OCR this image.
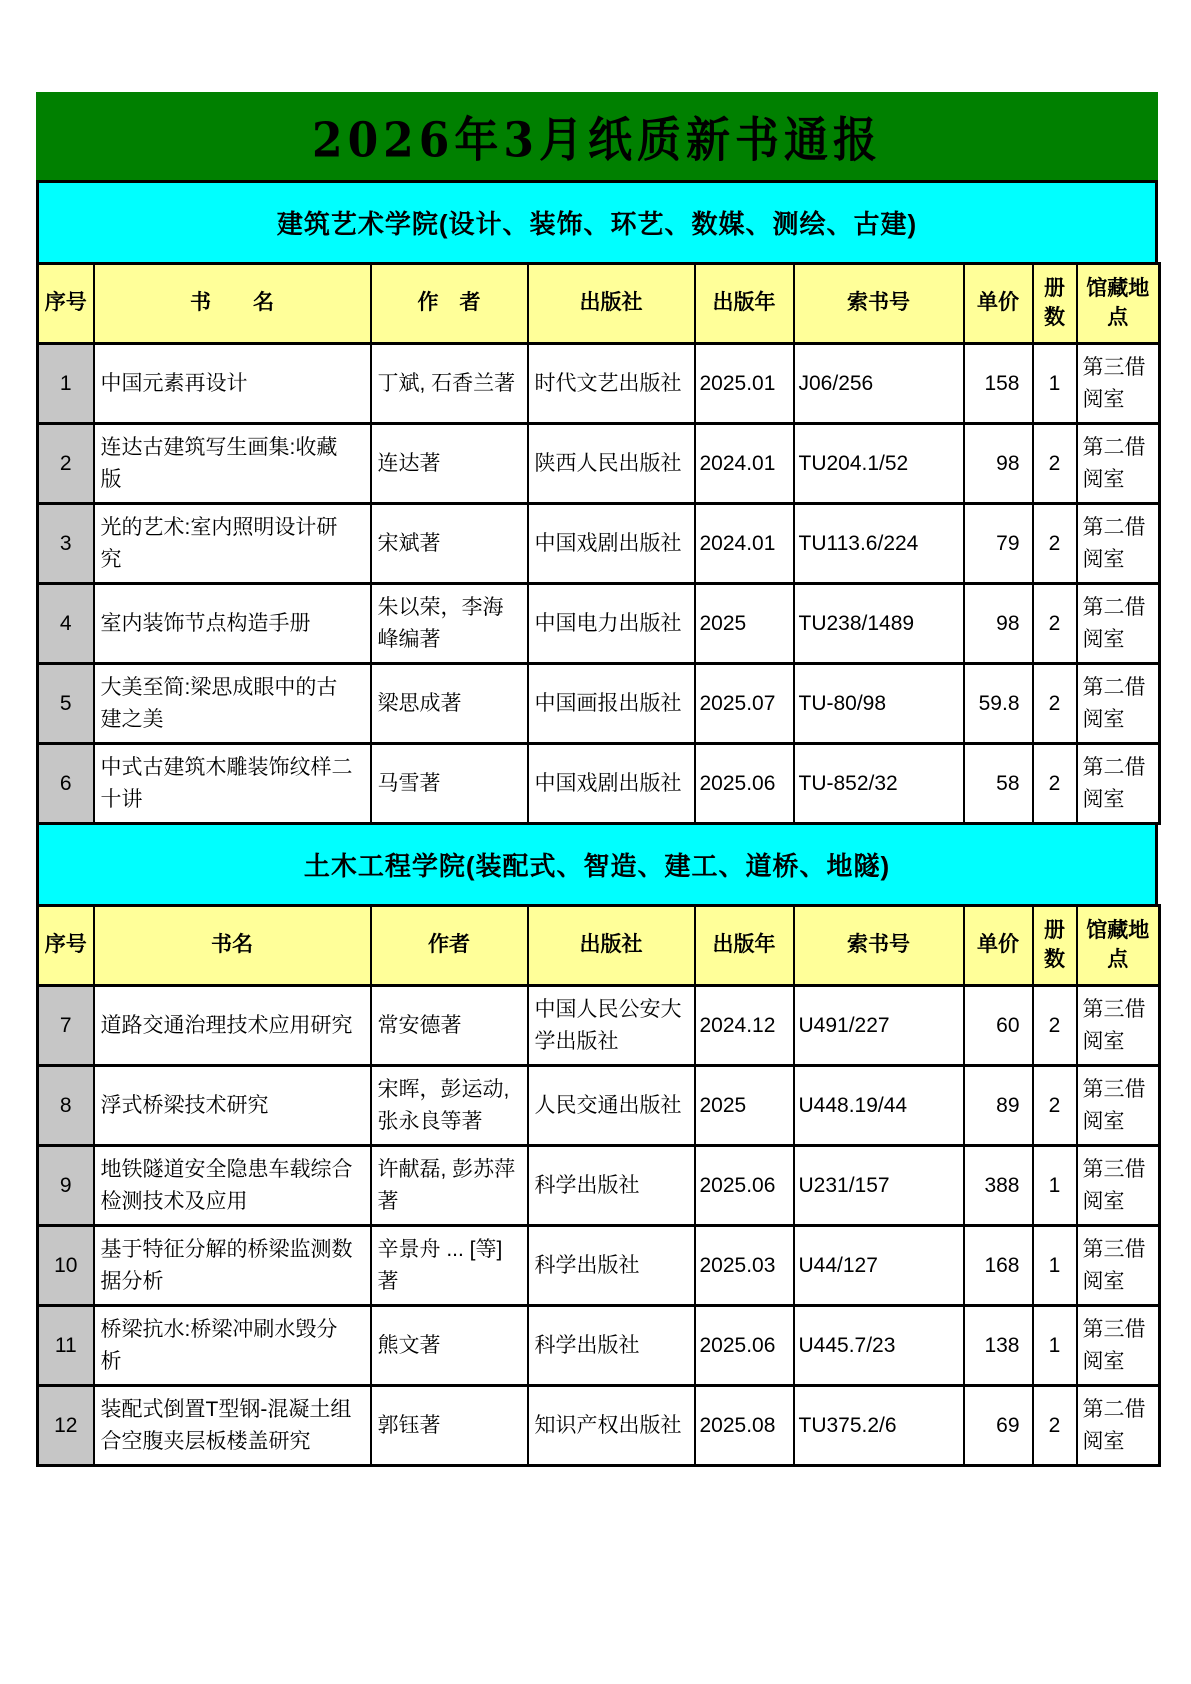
2026年3月纸质新书通报
建筑艺术学院(设计、装饰、环艺、数媒、测绘、古建)
序号	书　　名	作　者	出版社	出版年	索书号	单价	册数	馆藏地点
1	中国元素再设计	丁斌, 石香兰著	时代文艺出版社	2025.01	J06/256	158	1	第三借阅室
2	连达古建筑写生画集:收藏版	连达著	陕西人民出版社	2024.01	TU204.1/52	98	2	第二借阅室
3	光的艺术:室内照明设计研究	宋斌著	中国戏剧出版社	2024.01	TU113.6/224	79	2	第二借阅室
4	室内装饰节点构造手册	朱以荣，李海峰编著	中国电力出版社	2025	TU238/1489	98	2	第二借阅室
5	大美至简:梁思成眼中的古建之美	梁思成著	中国画报出版社	2025.07	TU-80/98	59.8	2	第二借阅室
6	中式古建筑木雕装饰纹样二十讲	马雪著	中国戏剧出版社	2025.06	TU-852/32	58	2	第二借阅室
土木工程学院(装配式、智造、建工、道桥、地隧)
序号	书名	作者	出版社	出版年	索书号	单价	册数	馆藏地点
7	道路交通治理技术应用研究	常安德著	中国人民公安大学出版社	2024.12	U491/227	60	2	第三借阅室
8	浮式桥梁技术研究	宋晖，彭运动, 张永良等著	人民交通出版社	2025	U448.19/44	89	2	第三借阅室
9	地铁隧道安全隐患车载综合检测技术及应用	许献磊, 彭苏萍著	科学出版社	2025.06	U231/157	388	1	第三借阅室
10	基于特征分解的桥梁监测数据分析	辛景舟 ... [等]著	科学出版社	2025.03	U44/127	168	1	第三借阅室
11	桥梁抗水:桥梁冲刷水毁分析	熊文著	科学出版社	2025.06	U445.7/23	138	1	第三借阅室
12	装配式倒置T型钢-混凝土组合空腹夹层板楼盖研究	郭钰著	知识产权出版社	2025.08	TU375.2/6	69	2	第二借阅室
